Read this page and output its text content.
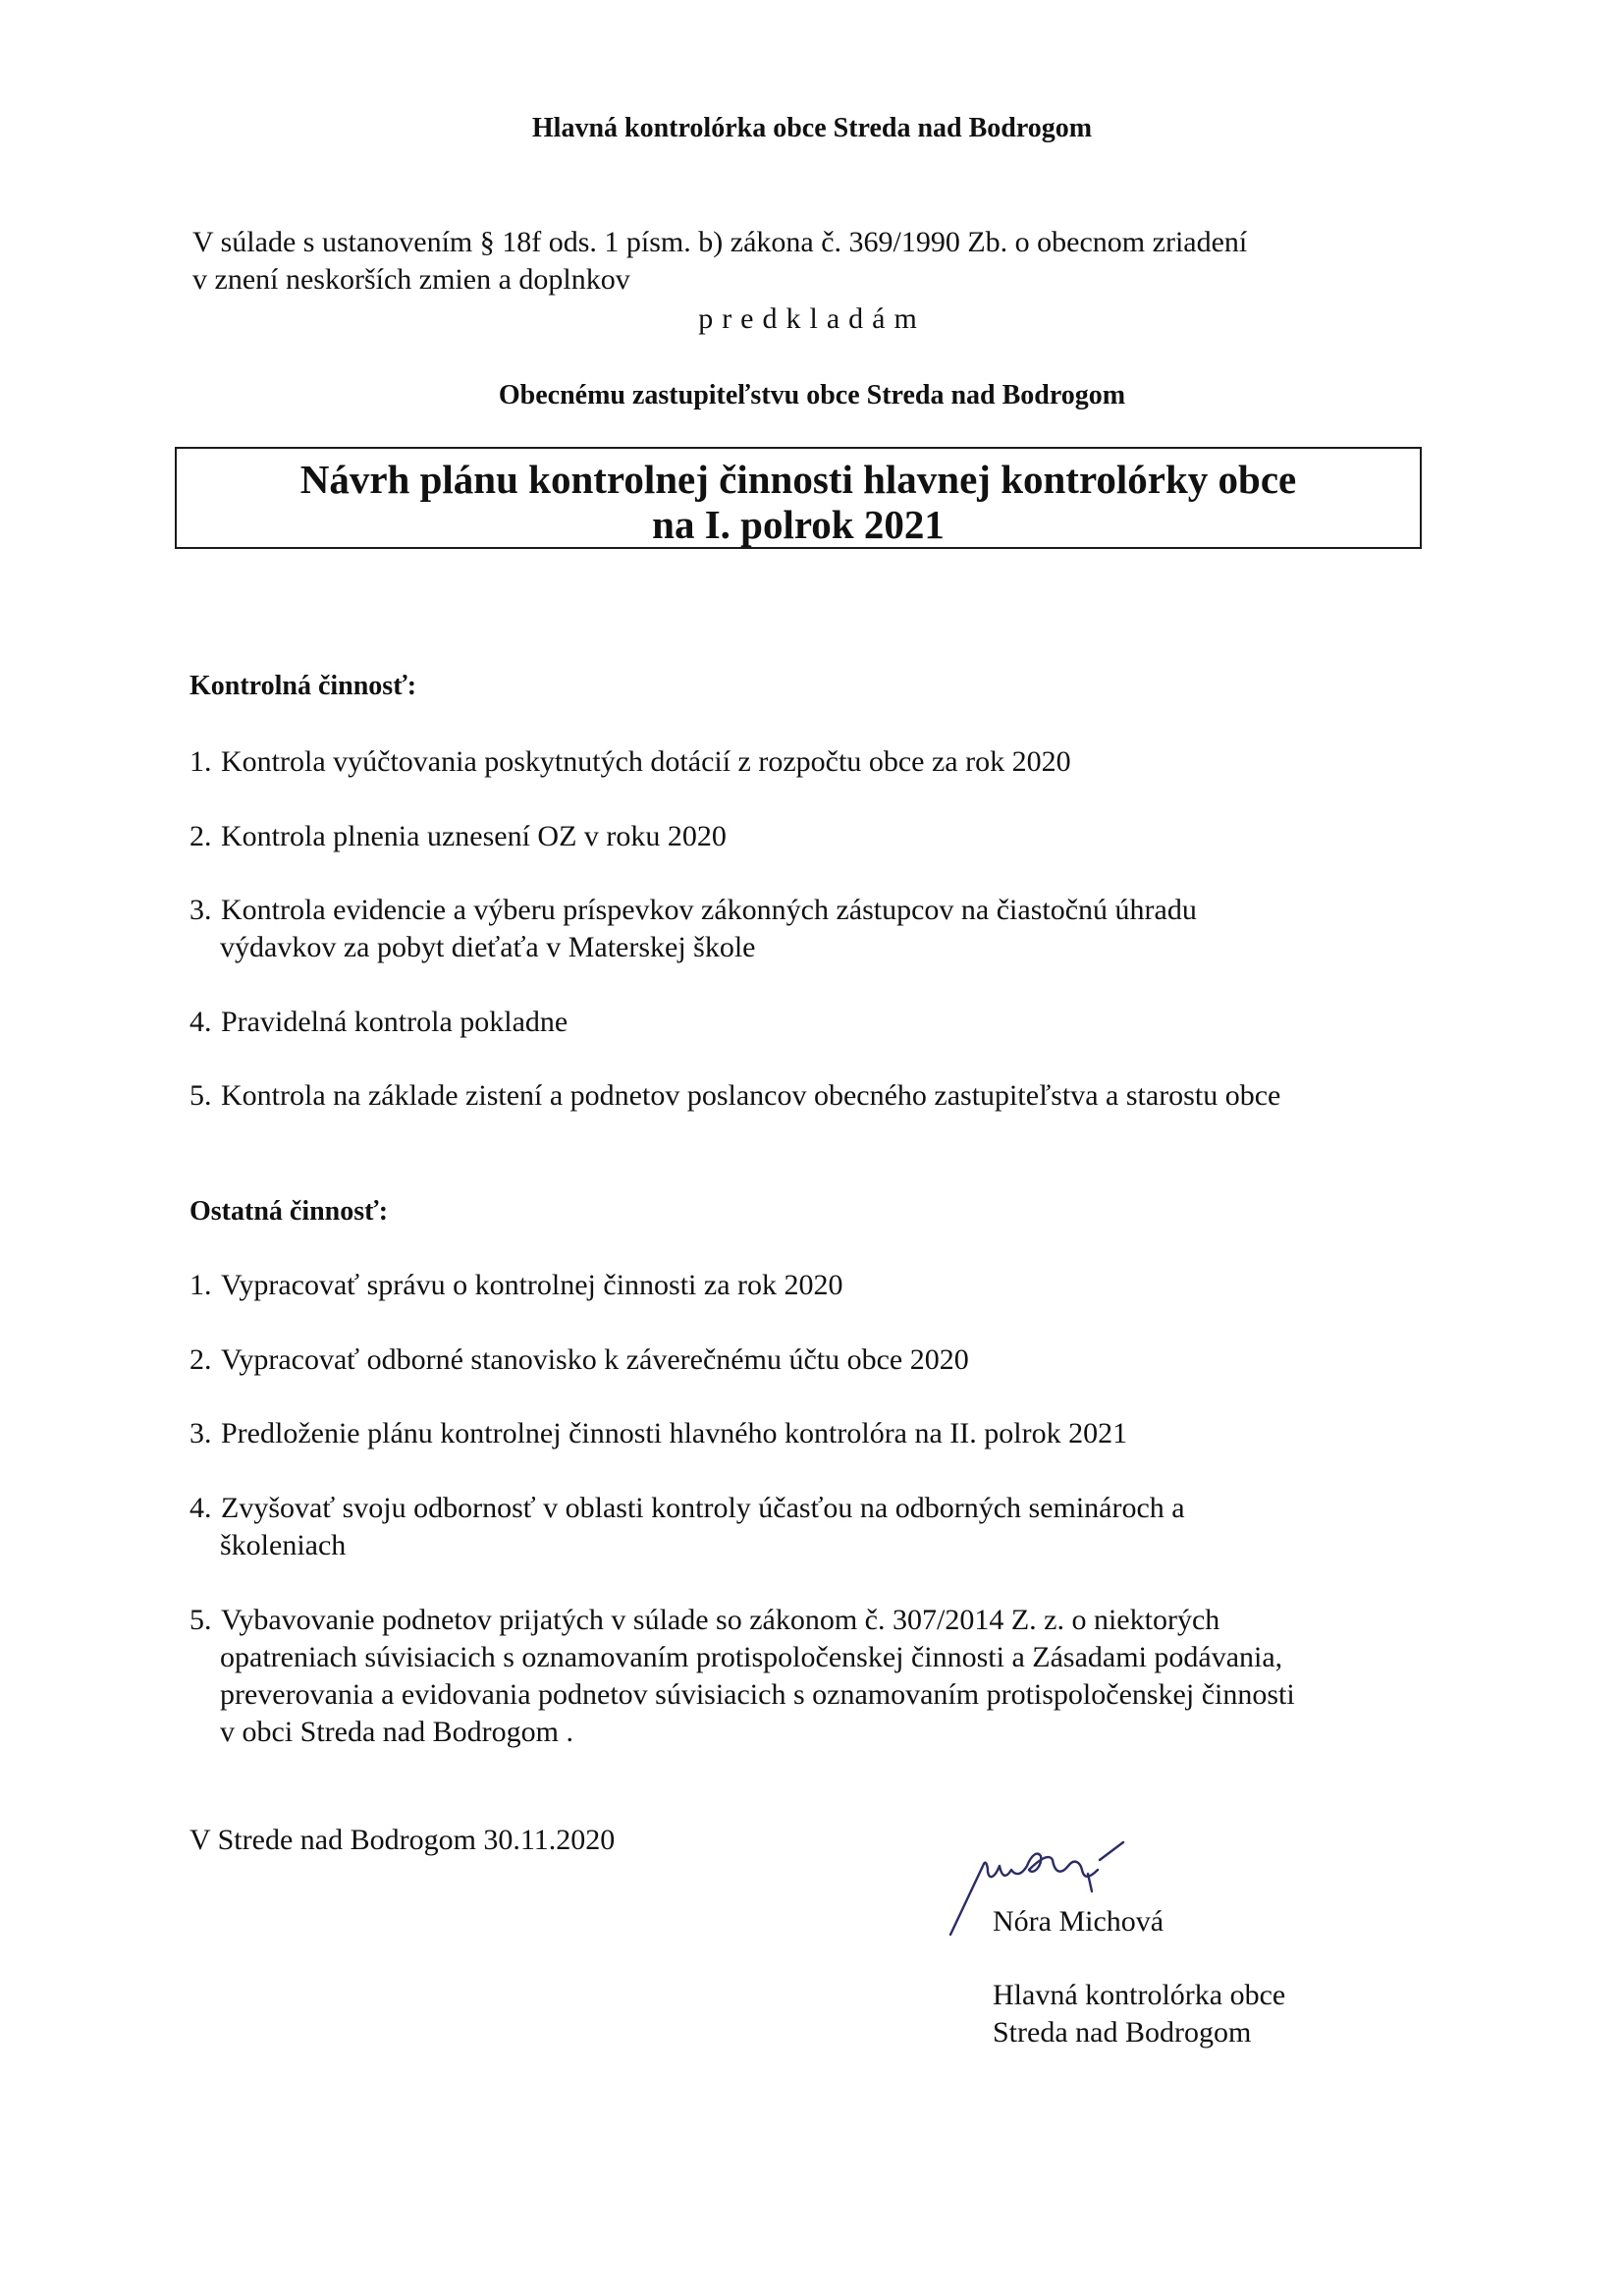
Hlavná kontrolórka obce Streda nad Bodrogom
V súlade s ustanovením § 18f ods. 1 písm. b) zákona č. 369/1990 Zb. o obecnom zriadení
v znení neskorších zmien a doplnkov
predkladám
Obecnému zastupiteľstvu obce Streda nad Bodrogom
Návrh plánu kontrolnej činnosti hlavnej kontrolórky obce
na I. polrok 2021
Kontrolná činnosť:
1. Kontrola vyúčtovania poskytnutých dotácií z rozpočtu obce za rok 2020
2. Kontrola plnenia uznesení OZ v roku 2020
3. Kontrola evidencie a výberu príspevkov zákonných zástupcov na čiastočnú úhradu
výdavkov za pobyt dieťaťa v Materskej škole
4. Pravidelná kontrola pokladne
5. Kontrola na základe zistení a podnetov poslancov obecného zastupiteľstva a starostu obce
Ostatná činnosť:
1. Vypracovať správu o kontrolnej činnosti za rok 2020
2. Vypracovať odborné stanovisko k záverečnému účtu obce 2020
3. Predloženie plánu kontrolnej činnosti hlavného kontrolóra na II. polrok 2021
4. Zvyšovať svoju odbornosť v oblasti kontroly účasťou na odborných seminároch a
školeniach
5. Vybavovanie podnetov prijatých v súlade so zákonom č. 307/2014 Z. z. o niektorých
opatreniach súvisiacich s oznamovaním protispoločenskej činnosti a Zásadami podávania,
preverovania a evidovania podnetov súvisiacich s oznamovaním protispoločenskej činnosti
v obci Streda nad Bodrogom .
V Strede nad Bodrogom 30.11.2020
Nóra Michová
Hlavná kontrolórka obce
Streda nad Bodrogom
